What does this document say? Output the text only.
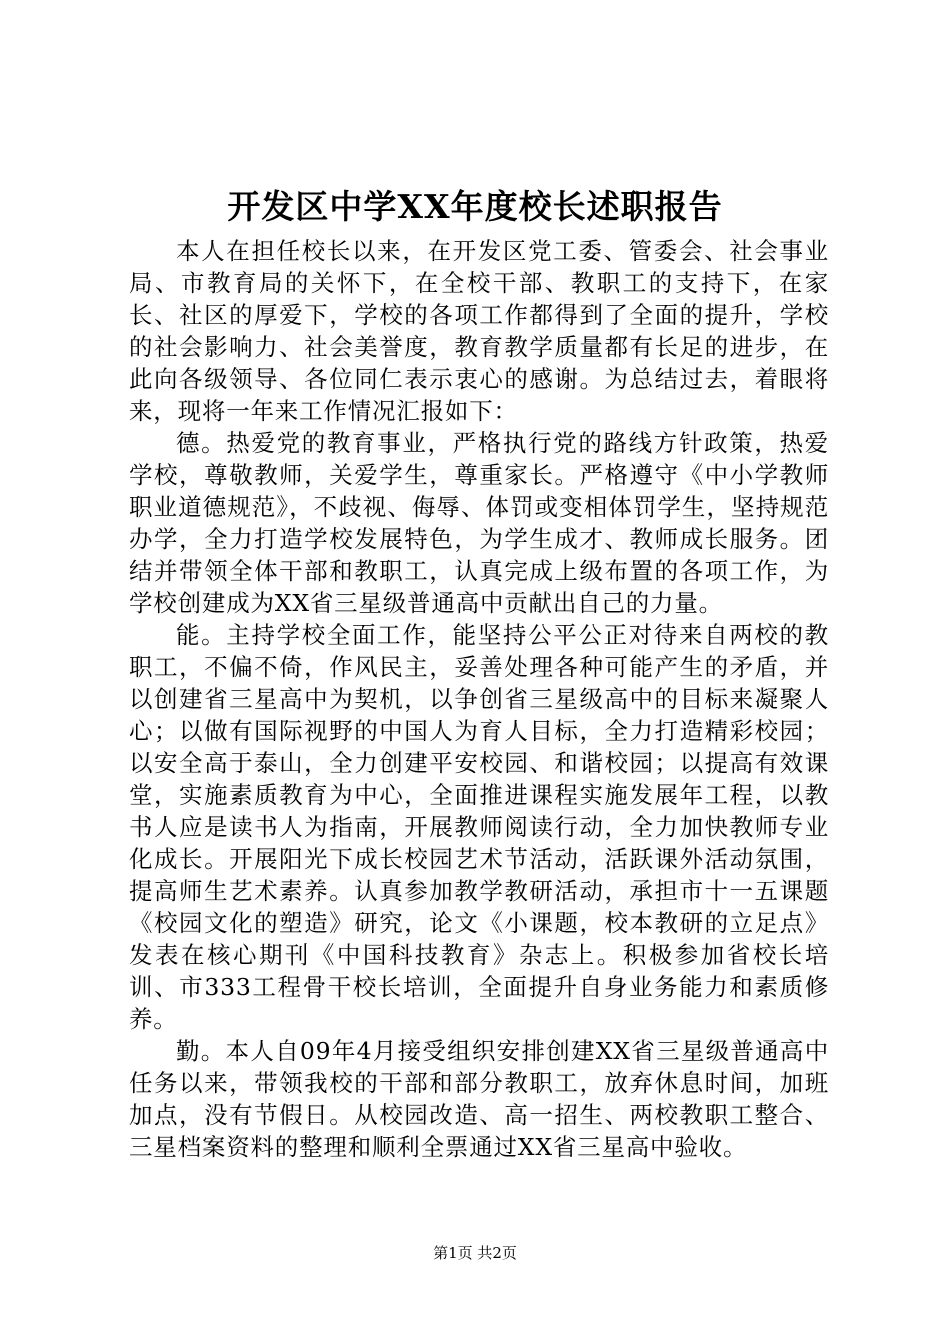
开发区中学XX年度校长述职报告

本人在担任校长以来，在开发区党工委、管委会、社会事业局、市教育局的关怀下，在全校干部、教职工的支持下，在家长、社区的厚爱下，学校的各项工作都得到了全面的提升，学校的社会影响力、社会美誉度，教育教学质量都有长足的进步，在此向各级领导、各位同仁表示衷心的感谢。为总结过去，着眼将来，现将一年来工作情况汇报如下：

德。热爱党的教育事业，严格执行党的路线方针政策，热爱学校，尊敬教师，关爱学生，尊重家长。严格遵守《中小学教师职业道德规范》，不歧视、侮辱、体罚或变相体罚学生，坚持规范办学，全力打造学校发展特色，为学生成才、教师成长服务。团结并带领全体干部和教职工，认真完成上级布置的各项工作，为学校创建成为XX省三星级普通高中贡献出自己的力量。

能。主持学校全面工作，能坚持公平公正对待来自两校的教职工，不偏不倚，作风民主，妥善处理各种可能产生的矛盾，并以创建省三星高中为契机，以争创省三星级高中的目标来凝聚人心；以做有国际视野的中国人为育人目标，全力打造精彩校园；以安全高于泰山，全力创建平安校园、和谐校园；以提高有效课堂，实施素质教育为中心，全面推进课程实施发展年工程，以教书人应是读书人为指南，开展教师阅读行动，全力加快教师专业化成长。开展阳光下成长校园艺术节活动，活跃课外活动氛围，提高师生艺术素养。认真参加教学教研活动，承担市十一五课题《校园文化的塑造》研究，论文《小课题，校本教研的立足点》发表在核心期刊《中国科技教育》杂志上。积极参加省校长培训、市333工程骨干校长培训，全面提升自身业务能力和素质修养。

勤。本人自09年4月接受组织安排创建XX省三星级普通高中任务以来，带领我校的干部和部分教职工，放弃休息时间，加班加点，没有节假日。从校园改造、高一招生、两校教职工整合、三星档案资料的整理和顺利全票通过XX省三星高中验收。

第1页 共2页
